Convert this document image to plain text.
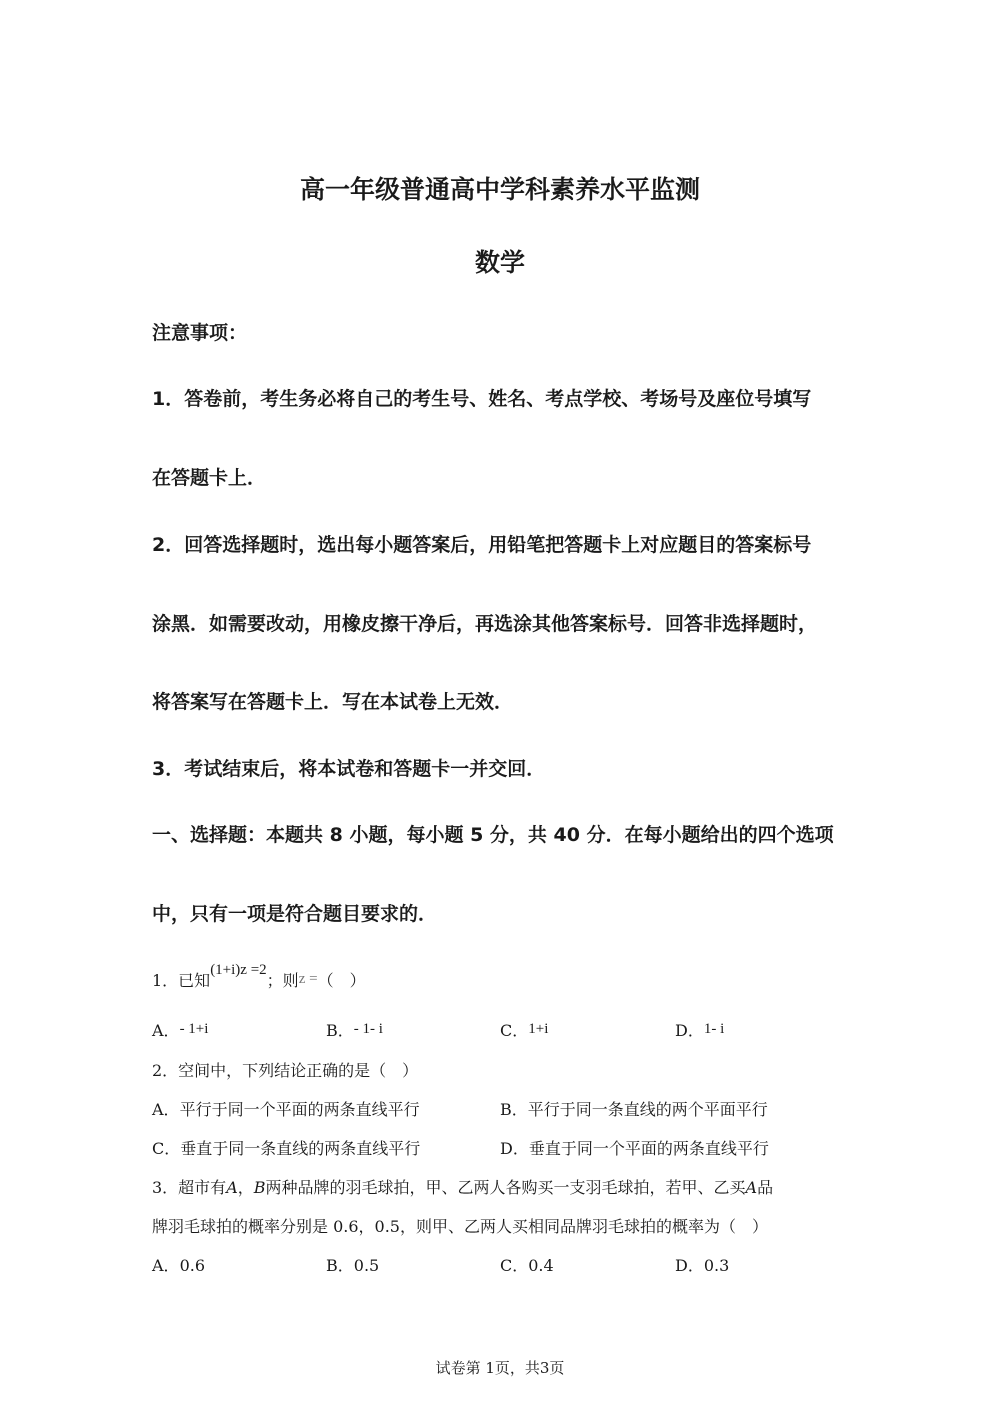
高一年级普通高中学科素养水平监测
数学
注意事项：
1．答卷前，考生务必将自己的考生号、姓名、考点学校、考场号及座位号填写
在答题卡上．
2．回答选择题时，选出每小题答案后，用铅笔把答题卡上对应题目的答案标号
涂黑．如需要改动，用橡皮擦干净后，再选涂其他答案标号．回答非选择题时，
将答案写在答题卡上．写在本试卷上无效．
3．考试结束后，将本试卷和答题卡一并交回．
一、选择题：本题共 8 小题，每小题 5 分，共 40 分．在每小题给出的四个选项
中，只有一项是符合题目要求的．
1．已知(1+i)z =2；则z =（　）
A．- 1+i	B．- 1- i	C．1+i	D．1- i
2．空间中，下列结论正确的是（　）
A．平行于同一个平面的两条直线平行	B．平行于同一条直线的两个平面平行
C．垂直于同一条直线的两条直线平行	D．垂直于同一个平面的两条直线平行
3．超市有A，B两种品牌的羽毛球拍，甲、乙两人各购买一支羽毛球拍，若甲、乙买A品
牌羽毛球拍的概率分别是 0.6，0.5，则甲、乙两人买相同品牌羽毛球拍的概率为（　）
A．0.6	B．0.5	C．0.4	D．0.3
试卷第 1页，共3页
